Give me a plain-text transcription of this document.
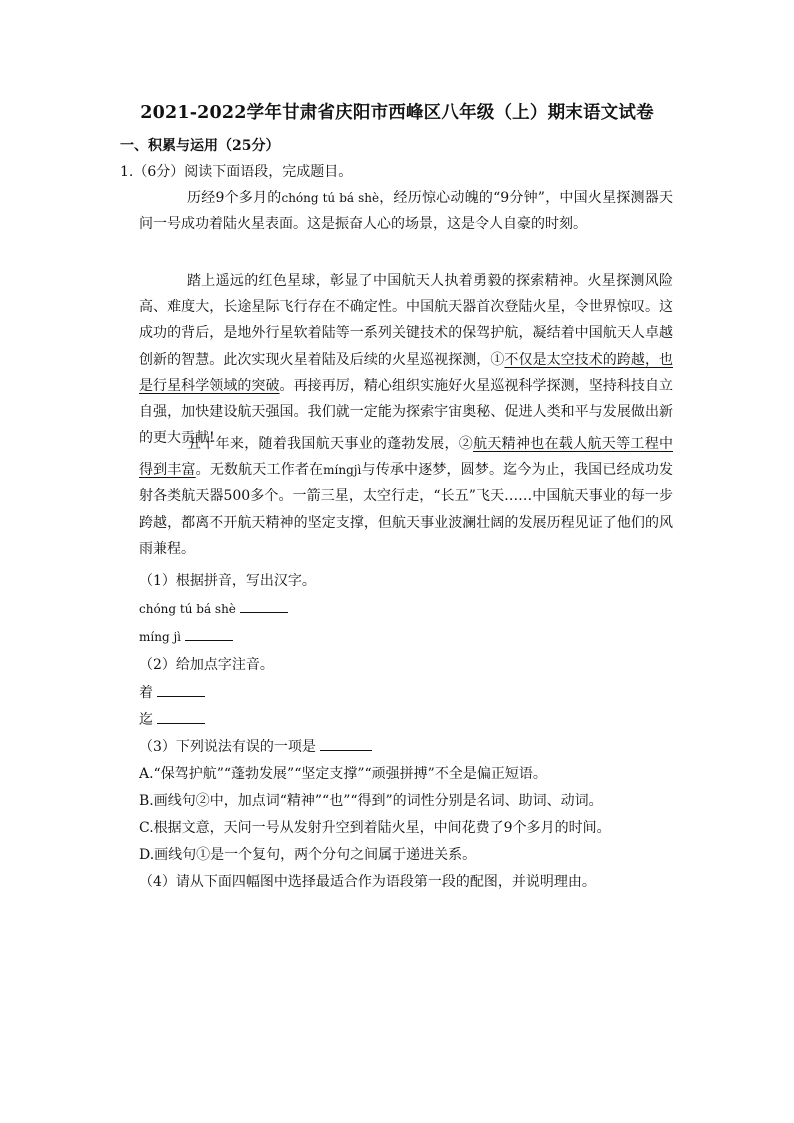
2021-2022学年甘肃省庆阳市西峰区八年级（上）期末语文试卷
一、积累与运用（25分）
1.（6分）阅读下面语段，完成题目。
历经9个多月的chóng tú bá shè，经历惊心动魄的“9分钟”，中国火星探测器天问一号成功着陆火星表面。这是振奋人心的场景，这是令人自豪的时刻。
踏上遥远的红色星球，彰显了中国航天人执着勇毅的探索精神。火星探测风险高、难度大，长途星际飞行存在不确定性。中国航天器首次登陆火星，令世界惊叹。这成功的背后，是地外行星软着陆等一系列关键技术的保驾护航，凝结着中国航天人卓越创新的智慧。此次实现火星着陆及后续的火星巡视探测，①不仅是太空技术的跨越，也是行星科学领域的突破。再接再厉，精心组织实施好火星巡视科学探测，坚持科技自立自强，加快建设航天强国。我们就一定能为探索宇宙奥秘、促进人类和平与发展做出新的更大贡献!
五十年来，随着我国航天事业的蓬勃发展，②航天精神也在载人航天等工程中得到丰富。无数航天工作者在míngjì与传承中逐梦，圆梦。迄今为止，我国已经成功发射各类航天器500多个。一箭三星，太空行走，“长五”飞天……中国航天事业的每一步跨越，都离不开航天精神的坚定支撑，但航天事业波澜壮阔的发展历程见证了他们的风雨兼程。
（1）根据拼音，写出汉字。
chóng tú bá shè
míng jì
（2）给加点字注音。
着
迄
（3）下列说法有误的一项是
A.“保驾护航”“蓬勃发展”“坚定支撑”“顽强拼搏”不全是偏正短语。
B.画线句②中，加点词“精神”“也”“得到”的词性分别是名词、助词、动词。
C.根据文意，天问一号从发射升空到着陆火星，中间花费了9个多月的时间。
D.画线句①是一个复句，两个分句之间属于递进关系。
（4）请从下面四幅图中选择最适合作为语段第一段的配图，并说明理由。
